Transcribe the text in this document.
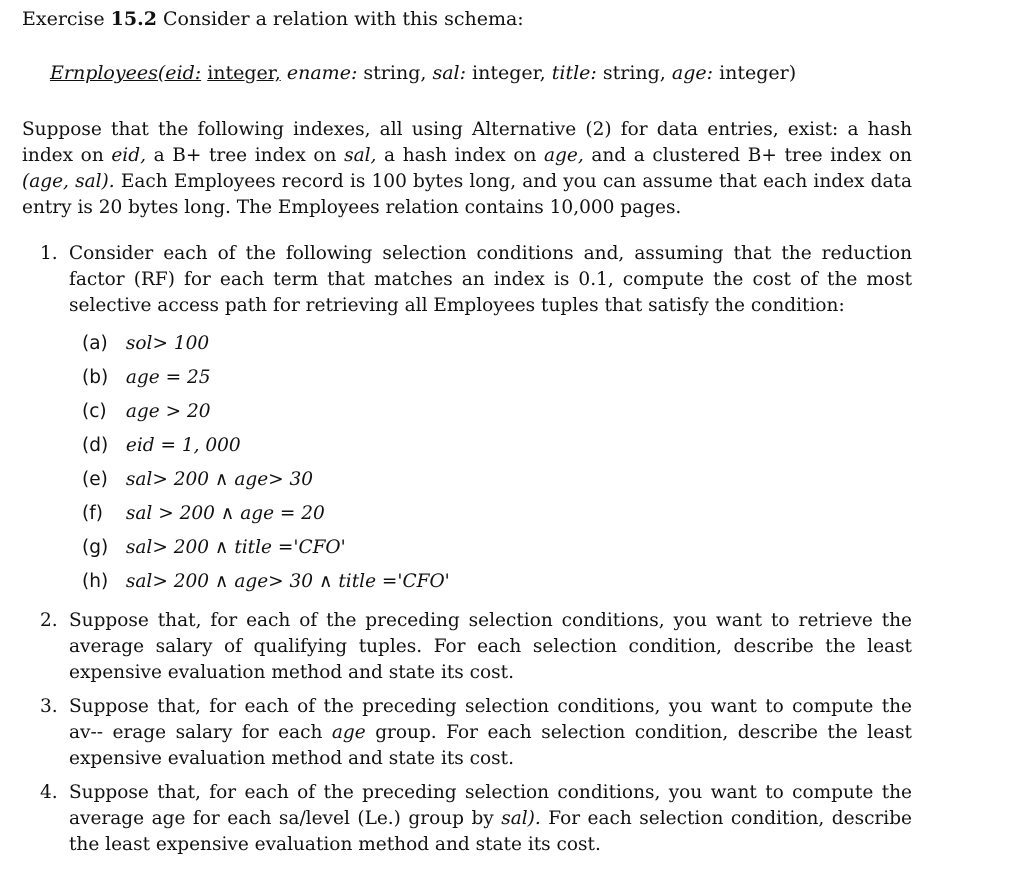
Exercise 15.2 Consider a relation with this schema:
Ernployees(eid: integer, ename: string, sal: integer, title: string, age: integer)
Suppose that the following indexes, all using Alternative (2) for data entries, exist: a hash index on eid, a B+ tree index on sal, a hash index on age, and a clustered B+ tree index on (age, sal). Each Employees record is 100 bytes long, and you can assume that each index data entry is 20 bytes long. The Employees relation contains 10,000 pages.
1. Consider each of the following selection conditions and, assuming that the reduction factor (RF) for each term that matches an index is 0.1, compute the cost of the most selective access path for retrieving all Employees tuples that satisfy the condition:
(a) sol> 100
(b) age = 25
(c) age > 20
(d) eid = 1, 000
(e) sal> 200 ∧ age> 30
(f) sal > 200 ∧ age = 20
(g) sal> 200 ∧ title ='CFO'
(h) sal> 200 ∧ age> 30 ∧ title ='CFO'
2. Suppose that, for each of the preceding selection conditions, you want to retrieve the average salary of qualifying tuples. For each selection condition, describe the least expensive evaluation method and state its cost.
3. Suppose that, for each of the preceding selection conditions, you want to compute the av-- erage salary for each age group. For each selection condition, describe the least expensive evaluation method and state its cost.
4. Suppose that, for each of the preceding selection conditions, you want to compute the average age for each sa/level (Le.) group by sal). For each selection condition, describe the least expensive evaluation method and state its cost.
